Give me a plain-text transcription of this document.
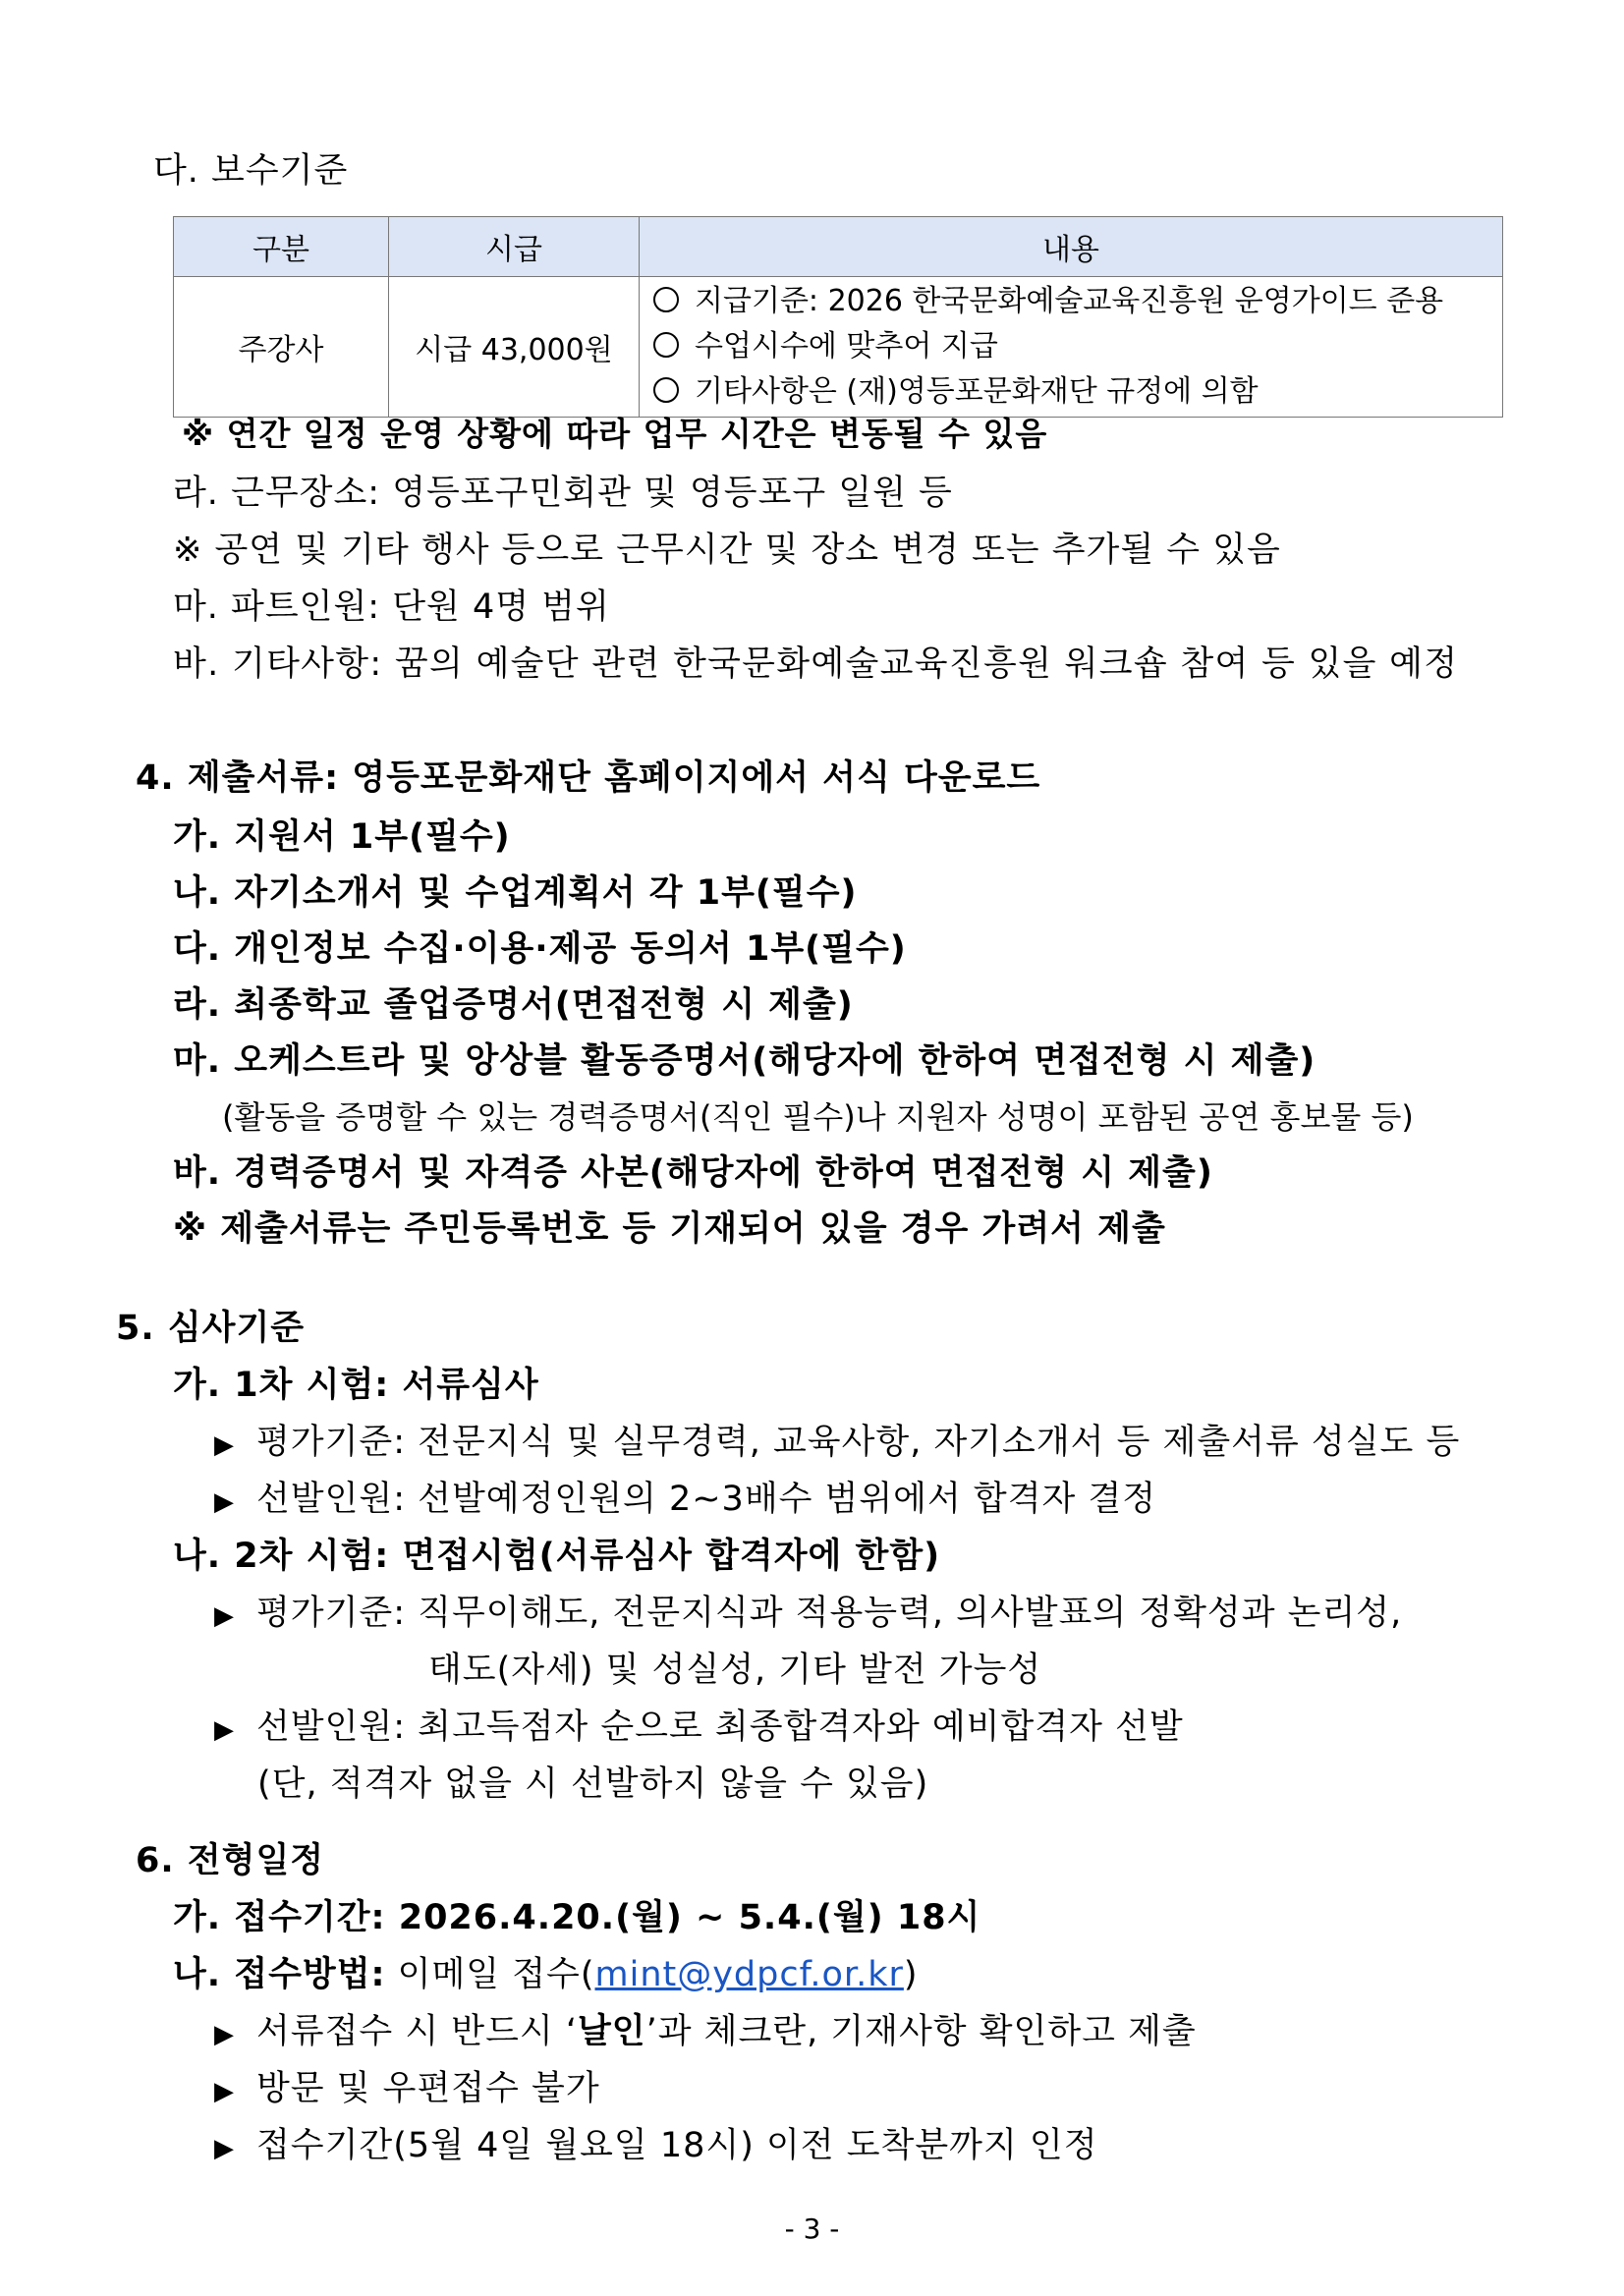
다. 보수기준
구분	시급	내용
주강사	시급 43,000원	지급기준: 2026 한국문화예술교육진흥원 운영가이드 준용
수업시수에 맞추어 지급
기타사항은 (재)영등포문화재단 규정에 의함
※ 연간 일정 운영 상황에 따라 업무 시간은 변동될 수 있음
라. 근무장소: 영등포구민회관 및 영등포구 일원 등
※ 공연 및 기타 행사 등으로 근무시간 및 장소 변경 또는 추가될 수 있음
마. 파트인원: 단원 4명 범위
바. 기타사항: 꿈의 예술단 관련 한국문화예술교육진흥원 워크숍 참여 등 있을 예정
4. 제출서류: 영등포문화재단 홈페이지에서 서식 다운로드
가. 지원서 1부(필수)
나. 자기소개서 및 수업계획서 각 1부(필수)
다. 개인정보 수집·이용·제공 동의서 1부(필수)
라. 최종학교 졸업증명서(면접전형 시 제출)
마. 오케스트라 및 앙상블 활동증명서(해당자에 한하여 면접전형 시 제출)
(활동을 증명할 수 있는 경력증명서(직인 필수)나 지원자 성명이 포함된 공연 홍보물 등)
바. 경력증명서 및 자격증 사본(해당자에 한하여 면접전형 시 제출)
※ 제출서류는 주민등록번호 등 기재되어 있을 경우 가려서 제출
5. 심사기준
가. 1차 시험: 서류심사
▶ 평가기준: 전문지식 및 실무경력, 교육사항, 자기소개서 등 제출서류 성실도 등
▶ 선발인원: 선발예정인원의 2~3배수 범위에서 합격자 결정
나. 2차 시험: 면접시험(서류심사 합격자에 한함)
▶ 평가기준: 직무이해도, 전문지식과 적용능력, 의사발표의 정확성과 논리성,
태도(자세) 및 성실성, 기타 발전 가능성
▶ 선발인원: 최고득점자 순으로 최종합격자와 예비합격자 선발
(단, 적격자 없을 시 선발하지 않을 수 있음)
6. 전형일정
가. 접수기간: 2026.4.20.(월) ~ 5.4.(월) 18시
나. 접수방법: 이메일 접수(mint@ydpcf.or.kr)
▶ 서류접수 시 반드시 ‘날인’과 체크란, 기재사항 확인하고 제출
▶ 방문 및 우편접수 불가
▶ 접수기간(5월 4일 월요일 18시) 이전 도착분까지 인정
- 3 -
